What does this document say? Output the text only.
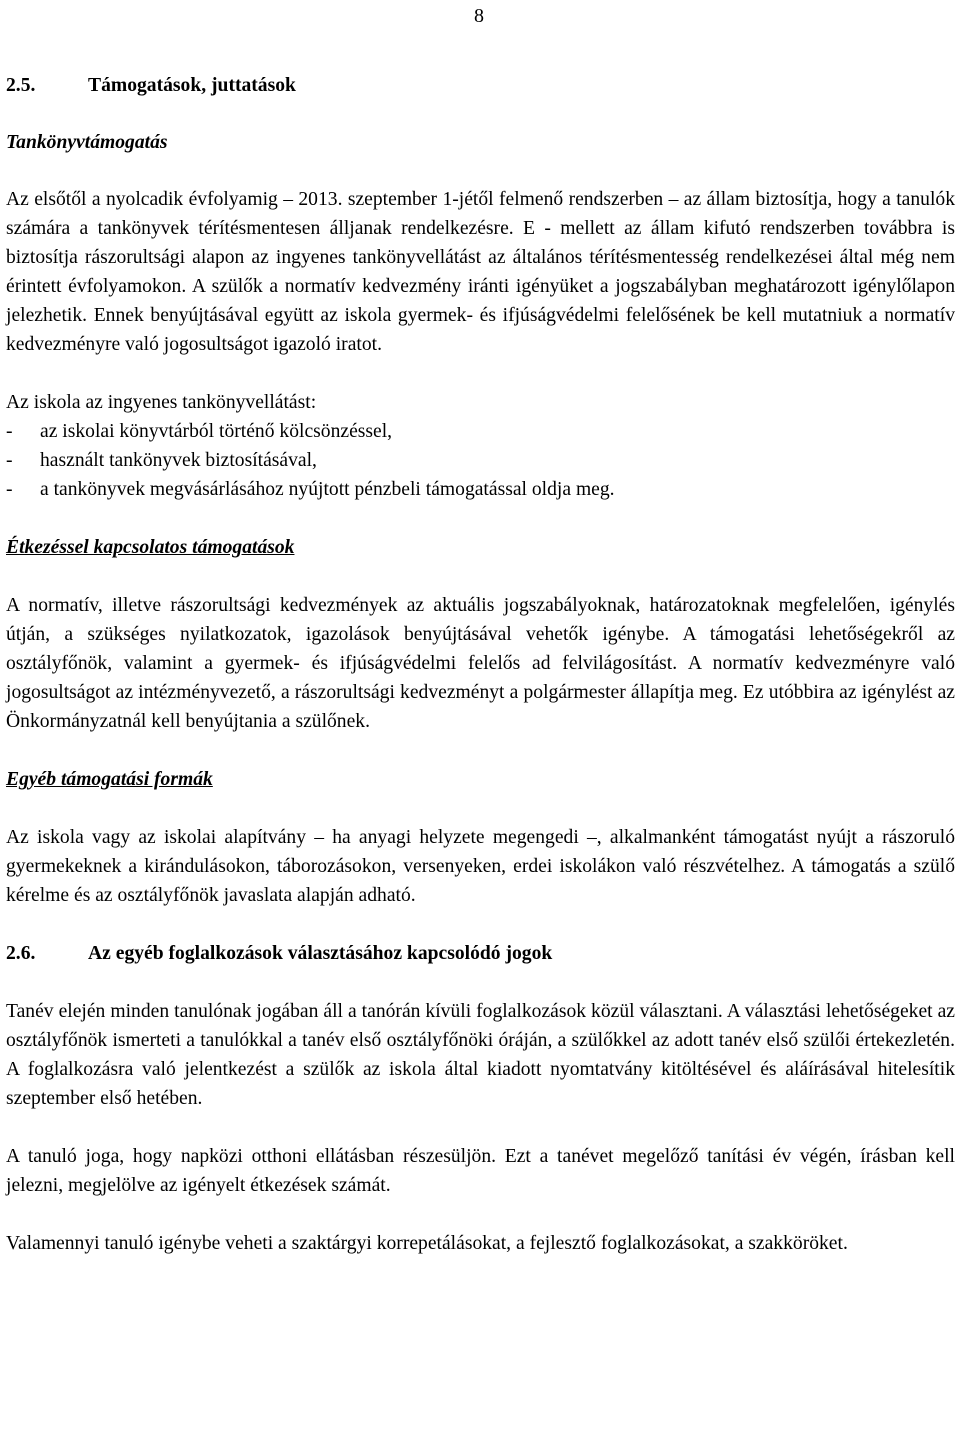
8
2.5.	Támogatások, juttatások
Tankönyvtámogatás

Az elsőtől a nyolcadik évfolyamig – 2013. szeptember 1-jétől felmenő rendszerben – az állam biztosítja, hogy a tanulók számára a tankönyvek térítésmentesen álljanak rendelkezésre. E - mellett az állam kifutó rendszerben továbbra is biztosítja rászorultsági alapon az ingyenes tankönyvellátást az általános térítésmentesség rendelkezései által még nem érintett évfolyamokon. A szülők a normatív kedvezmény iránti igényüket a jogszabályban meghatározott igénylőlapon jelezhetik. Ennek benyújtásával együtt az iskola gyermek- és ifjúságvédelmi felelősének be kell mutatniuk a normatív kedvezményre való jogosultságot igazoló iratot.

Az iskola az ingyenes tankönyvellátást:

-	az iskolai könyvtárból történő kölcsönzéssel,
-	használt tankönyvek biztosításával,
-	a tankönyvek megvásárlásához nyújtott pénzbeli támogatással oldja meg.
Étkezéssel kapcsolatos támogatások

A normatív, illetve rászorultsági kedvezmények az aktuális jogszabályoknak, határozatoknak megfelelően, igénylés útján, a szükséges nyilatkozatok, igazolások benyújtásával vehetők igénybe. A támogatási lehetőségekről az osztályfőnök, valamint a gyermek- és ifjúságvédelmi felelős ad felvilágosítást. A normatív kedvezményre való jogosultságot az intézményvezető, a rászorultsági kedvezményt a polgármester állapítja meg. Ez utóbbira az igénylést az Önkormányzatnál kell benyújtania a szülőnek.

Egyéb támogatási formák

Az iskola vagy az iskolai alapítvány – ha anyagi helyzete megengedi –, alkalmanként támogatást nyújt a rászoruló gyermekeknek a kirándulásokon, táborozásokon, versenyeken, erdei iskolákon való részvételhez. A támogatás a szülő kérelme és az osztályfőnök javaslata alapján adható.

2.6.	Az egyéb foglalkozások választásához kapcsolódó jogok

Tanév elején minden tanulónak jogában áll a tanórán kívüli foglalkozások közül választani. A választási lehetőségeket az osztályfőnök ismerteti a tanulókkal a tanév első osztályfőnöki óráján, a szülőkkel az adott tanév első szülői értekezletén. A foglalkozásra való jelentkezést a szülők az iskola által kiadott nyomtatvány kitöltésével és aláírásával hitelesítik szeptember első hetében.

A tanuló joga, hogy napközi otthoni ellátásban részesüljön. Ezt a tanévet megelőző tanítási év végén, írásban kell jelezni, megjelölve az igényelt étkezések számát.

Valamennyi tanuló igénybe veheti a szaktárgyi korrepetálásokat, a fejlesztő foglalkozásokat, a szakköröket.
